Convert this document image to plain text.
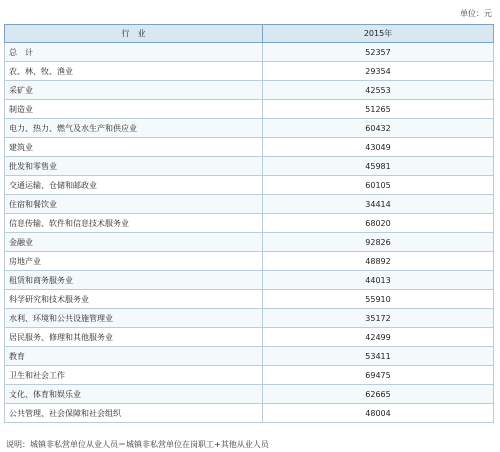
单位：元
行　业	2015年
总　计	52357
农、林、牧、渔业	29354
采矿业	42553
制造业	51265
电力、热力、燃气及水生产和供应业	60432
建筑业	43049
批发和零售业	45981
交通运输、仓储和邮政业	60105
住宿和餐饮业	34414
信息传输、软件和信息技术服务业	68020
金融业	92826
房地产业	48892
租赁和商务服务业	44013
科学研究和技术服务业	55910
水利、环境和公共设施管理业	35172
居民服务、修理和其他服务业	42499
教育	53411
卫生和社会工作	69475
文化、体育和娱乐业	62665
公共管理、社会保障和社会组织	48004
说明：城镇非私营单位从业人员＝城镇非私营单位在岗职工+其他从业人员
